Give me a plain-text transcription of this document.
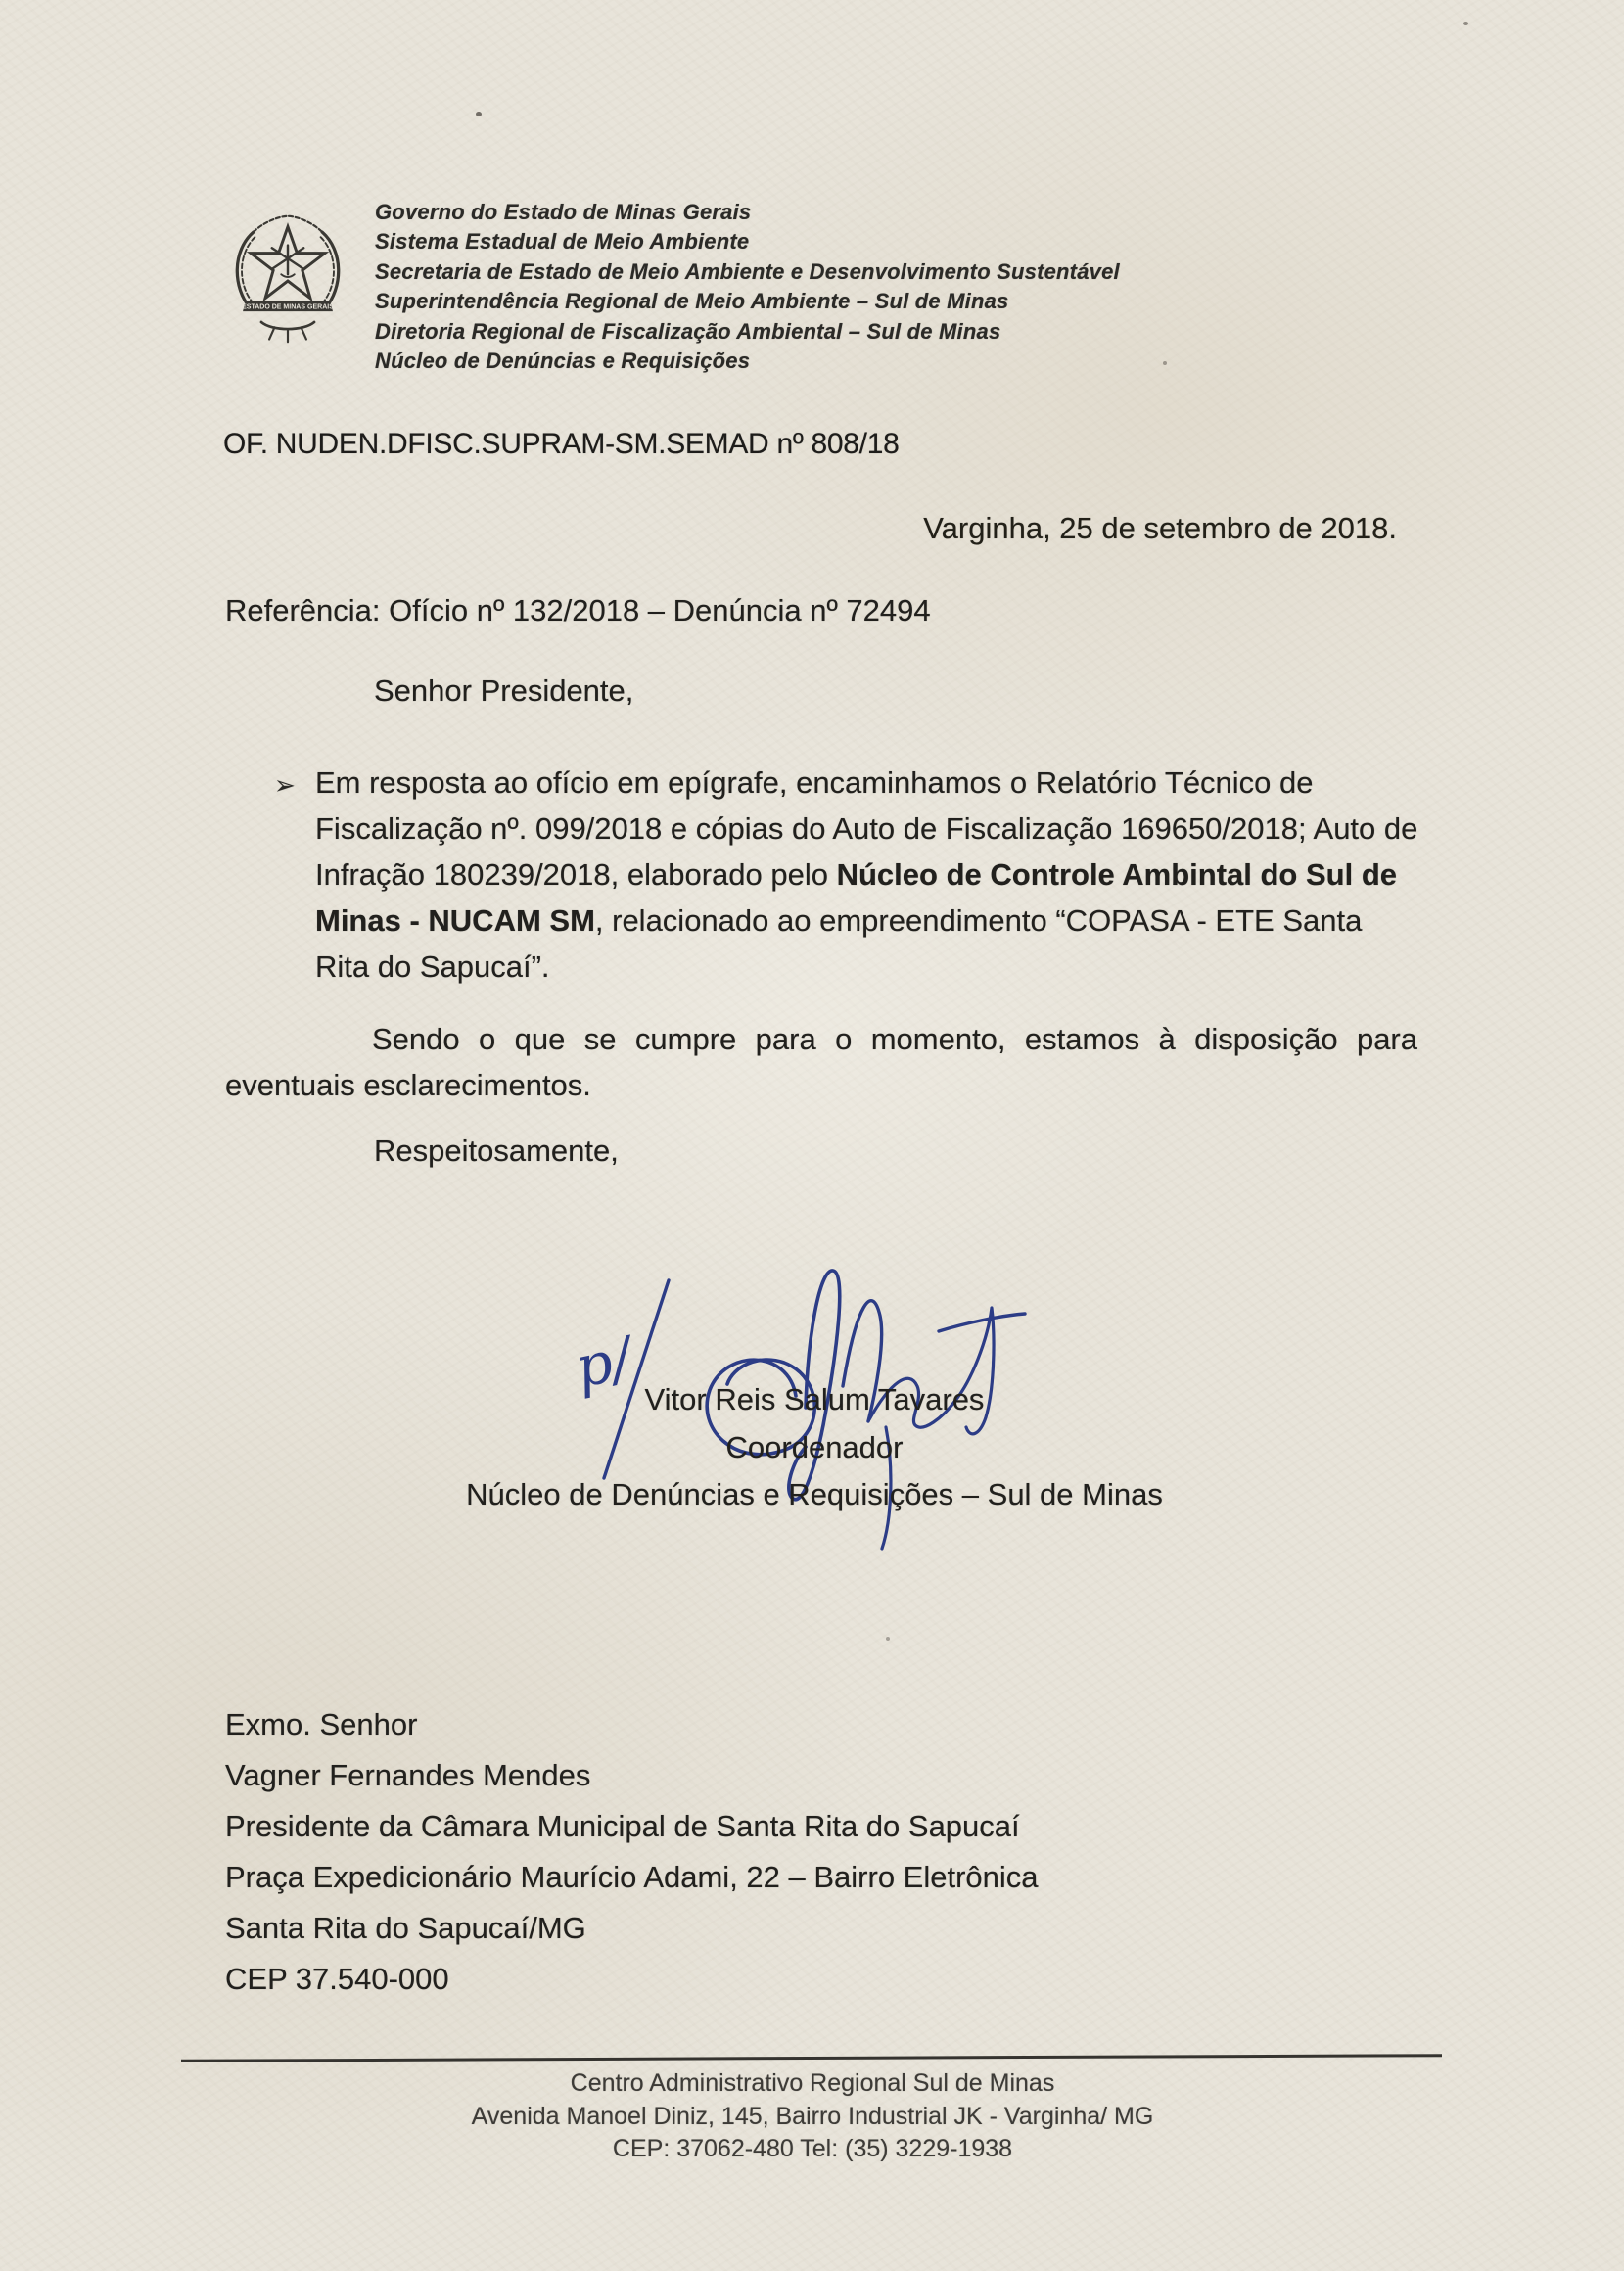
ESTADO DE MINAS GERAIS
Governo do Estado de Minas Gerais
Sistema Estadual de Meio Ambiente
Secretaria de Estado de Meio Ambiente e Desenvolvimento Sustentável
Superintendência Regional de Meio Ambiente – Sul de Minas
Diretoria Regional de Fiscalização Ambiental – Sul de Minas
Núcleo de Denúncias e Requisições
OF. NUDEN.DFISC.SUPRAM-SM.SEMAD nº 808/18
Varginha, 25 de setembro de 2018.
Referência: Ofício nº 132/2018 – Denúncia nº 72494
Senhor Presidente,
➢ Em resposta ao ofício em epígrafe, encaminhamos o Relatório Técnico de Fiscalização nº. 099/2018 e cópias do Auto de Fiscalização 169650/2018; Auto de Infração 180239/2018, elaborado pelo Núcleo de Controle Ambintal do Sul de Minas - NUCAM SM, relacionado ao empreendimento “COPASA - ETE Santa Rita do Sapucaí”.

Sendo o que se cumpre para o momento, estamos à disposição para eventuais esclarecimentos.

Respeitosamente,
p/ Vitor Reis Salum Tavares
Coordenador
Núcleo de Denúncias e Requisições – Sul de Minas
Exmo. Senhor
Vagner Fernandes Mendes
Presidente da Câmara Municipal de Santa Rita do Sapucaí
Praça Expedicionário Maurício Adami, 22 – Bairro Eletrônica
Santa Rita do Sapucaí/MG
CEP 37.540-000
Centro Administrativo Regional Sul de Minas
Avenida Manoel Diniz, 145, Bairro Industrial JK - Varginha/ MG
CEP: 37062-480 Tel: (35) 3229-1938
